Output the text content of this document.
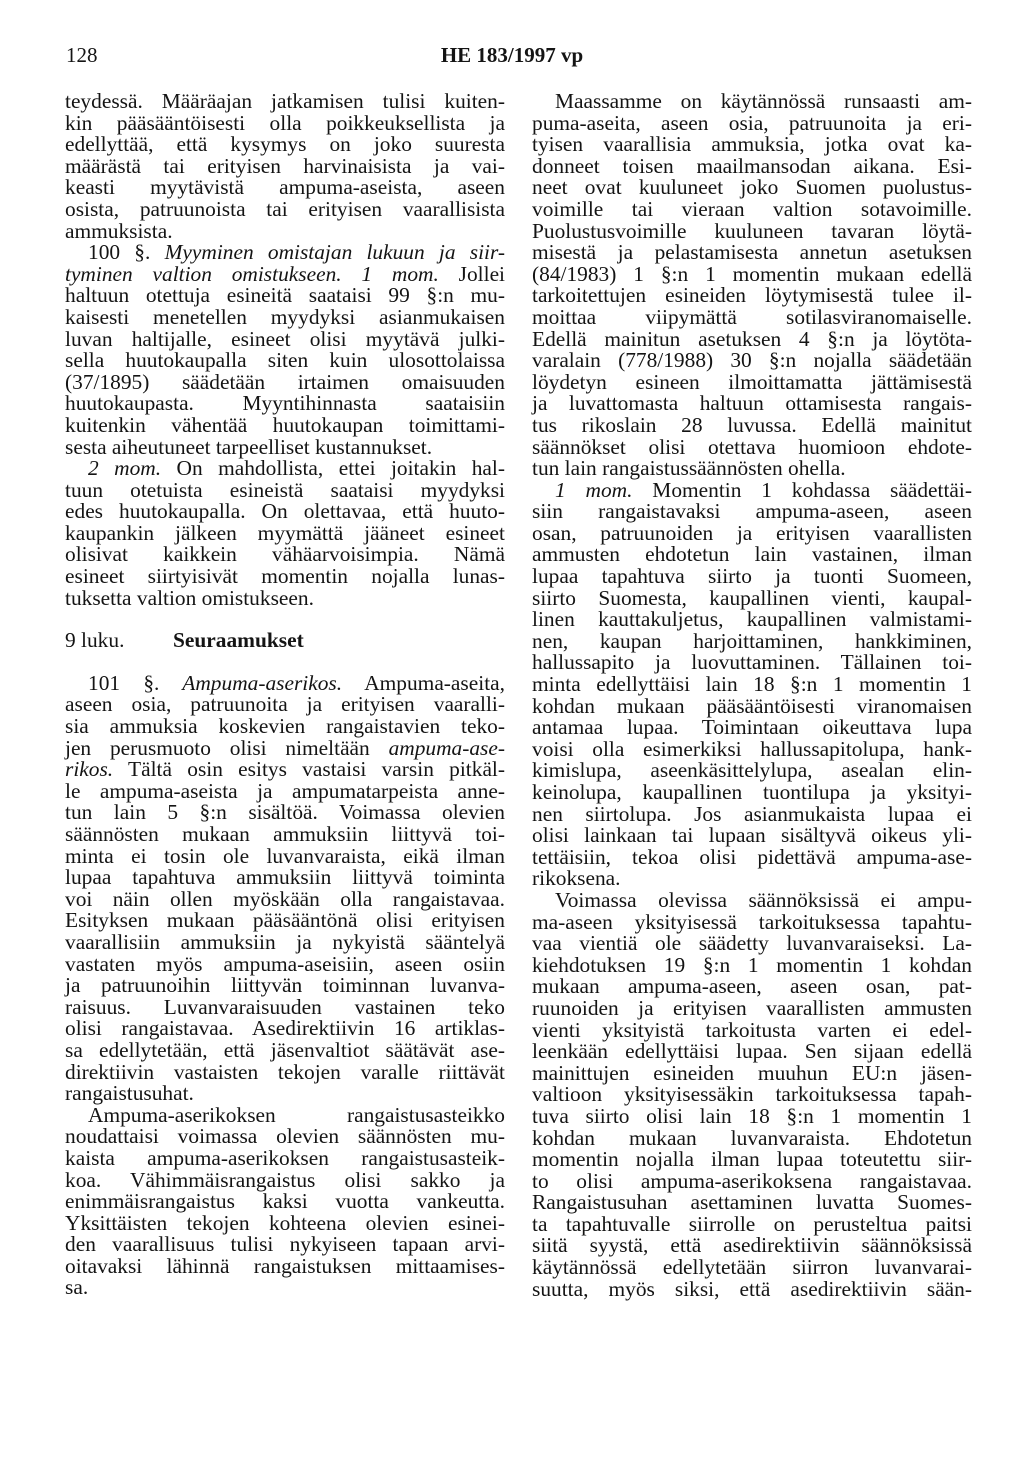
128	HE 183/1997 vp
teydessä. Määräajan jatkamisen tulisi kuiten-
kin pääsääntöisesti olla poikkeuksellista ja
edellyttää, että kysymys on joko suuresta
määrästä tai erityisen harvinaisista ja vai-
keasti myytävistä ampuma-aseista, aseen
osista, patruunoista tai erityisen vaarallisista
ammuksista.
100 §. Myyminen omistajan lukuun ja siir-
tyminen valtion omistukseen. 1 mom. Jollei
haltuun otettuja esineitä saataisi 99 §:n mu-
kaisesti menetellen myydyksi asianmukaisen
luvan haltijalle, esineet olisi myytävä julki-
sella huutokaupalla siten kuin ulosottolaissa
(37/1895) säädetään irtaimen omaisuuden
huutokaupasta. Myyntihinnasta saataisiin
kuitenkin vähentää huutokaupan toimittami-
sesta aiheutuneet tarpeelliset kustannukset.
2 mom. On mahdollista, ettei joitakin hal-
tuun otetuista esineistä saataisi myydyksi
edes huutokaupalla. On olettavaa, että huuto-
kaupankin jälkeen myymättä jääneet esineet
olisivat kaikkein vähäarvoisimpia. Nämä
esineet siirtyisivät momentin nojalla lunas-
tuksetta valtion omistukseen.
9 luku. Seuraamukset
101 §. Ampuma-aserikos. Ampuma-aseita,
aseen osia, patruunoita ja erityisen vaaralli-
sia ammuksia koskevien rangaistavien teko-
jen perusmuoto olisi nimeltään ampuma-ase-
rikos. Tältä osin esitys vastaisi varsin pitkäl-
le ampuma-aseista ja ampumatarpeista anne-
tun lain 5 §:n sisältöä. Voimassa olevien
säännösten mukaan ammuksiin liittyvä toi-
minta ei tosin ole luvanvaraista, eikä ilman
lupaa tapahtuva ammuksiin liittyvä toiminta
voi näin ollen myöskään olla rangaistavaa.
Esityksen mukaan pääsääntönä olisi erityisen
vaarallisiin ammuksiin ja nykyistä sääntelyä
vastaten myös ampuma-aseisiin, aseen osiin
ja patruunoihin liittyvän toiminnan luvanva-
raisuus. Luvanvaraisuuden vastainen teko
olisi rangaistavaa. Asedirektiivin 16 artiklas-
sa edellytetään, että jäsenvaltiot säätävät ase-
direktiivin vastaisten tekojen varalle riittävät
rangaistusuhat.
Ampuma-aserikoksen rangaistusasteikko
noudattaisi voimassa olevien säännösten mu-
kaista ampuma-aserikoksen rangaistusasteik-
koa. Vähimmäisrangaistus olisi sakko ja
enimmäisrangaistus kaksi vuotta vankeutta.
Yksittäisten tekojen kohteena olevien esinei-
den vaarallisuus tulisi nykyiseen tapaan arvi-
oitavaksi lähinnä rangaistuksen mittaamises-
sa.
Maassamme on käytännössä runsaasti am-
puma-aseita, aseen osia, patruunoita ja eri-
tyisen vaarallisia ammuksia, jotka ovat ka-
donneet toisen maailmansodan aikana. Esi-
neet ovat kuuluneet joko Suomen puolustus-
voimille tai vieraan valtion sotavoimille.
Puolustusvoimille kuuluneen tavaran löytä-
misestä ja pelastamisesta annetun asetuksen
(84/1983) 1 §:n 1 momentin mukaan edellä
tarkoitettujen esineiden löytymisestä tulee il-
moittaa viipymättä sotilasviranomaiselle.
Edellä mainitun asetuksen 4 §:n ja löytöta-
varalain (778/1988) 30 §:n nojalla säädetään
löydetyn esineen ilmoittamatta jättämisestä
ja luvattomasta haltuun ottamisesta rangais-
tus rikoslain 28 luvussa. Edellä mainitut
säännökset olisi otettava huomioon ehdote-
tun lain rangaistussäännösten ohella.
1 mom. Momentin 1 kohdassa säädettäi-
siin rangaistavaksi ampuma-aseen, aseen
osan, patruunoiden ja erityisen vaarallisten
ammusten ehdotetun lain vastainen, ilman
lupaa tapahtuva siirto ja tuonti Suomeen,
siirto Suomesta, kaupallinen vienti, kaupal-
linen kauttakuljetus, kaupallinen valmistami-
nen, kaupan harjoittaminen, hankkiminen,
hallussapito ja luovuttaminen. Tällainen toi-
minta edellyttäisi lain 18 §:n 1 momentin 1
kohdan mukaan pääsääntöisesti viranomaisen
antamaa lupaa. Toimintaan oikeuttava lupa
voisi olla esimerkiksi hallussapitolupa, hank-
kimislupa, aseenkäsittelylupa, asealan elin-
keinolupa, kaupallinen tuontilupa ja yksityi-
nen siirtolupa. Jos asianmukaista lupaa ei
olisi lainkaan tai lupaan sisältyvä oikeus yli-
tettäisiin, tekoa olisi pidettävä ampuma-ase-
rikoksena.
Voimassa olevissa säännöksissä ei ampu-
ma-aseen yksityisessä tarkoituksessa tapahtu-
vaa vientiä ole säädetty luvanvaraiseksi. La-
kiehdotuksen 19 §:n 1 momentin 1 kohdan
mukaan ampuma-aseen, aseen osan, pat-
ruunoiden ja erityisen vaarallisten ammusten
vienti yksityistä tarkoitusta varten ei edel-
leenkään edellyttäisi lupaa. Sen sijaan edellä
mainittujen esineiden muuhun EU:n jäsen-
valtioon yksityisessäkin tarkoituksessa tapah-
tuva siirto olisi lain 18 §:n 1 momentin 1
kohdan mukaan luvanvaraista. Ehdotetun
momentin nojalla ilman lupaa toteutettu siir-
to olisi ampuma-aserikoksena rangaistavaa.
Rangaistusuhan asettaminen luvatta Suomes-
ta tapahtuvalle siirrolle on perusteltua paitsi
siitä syystä, että asedirektiivin säännöksissä
käytännössä edellytetään siirron luvanvarai-
suutta, myös siksi, että asedirektiivin sään-
